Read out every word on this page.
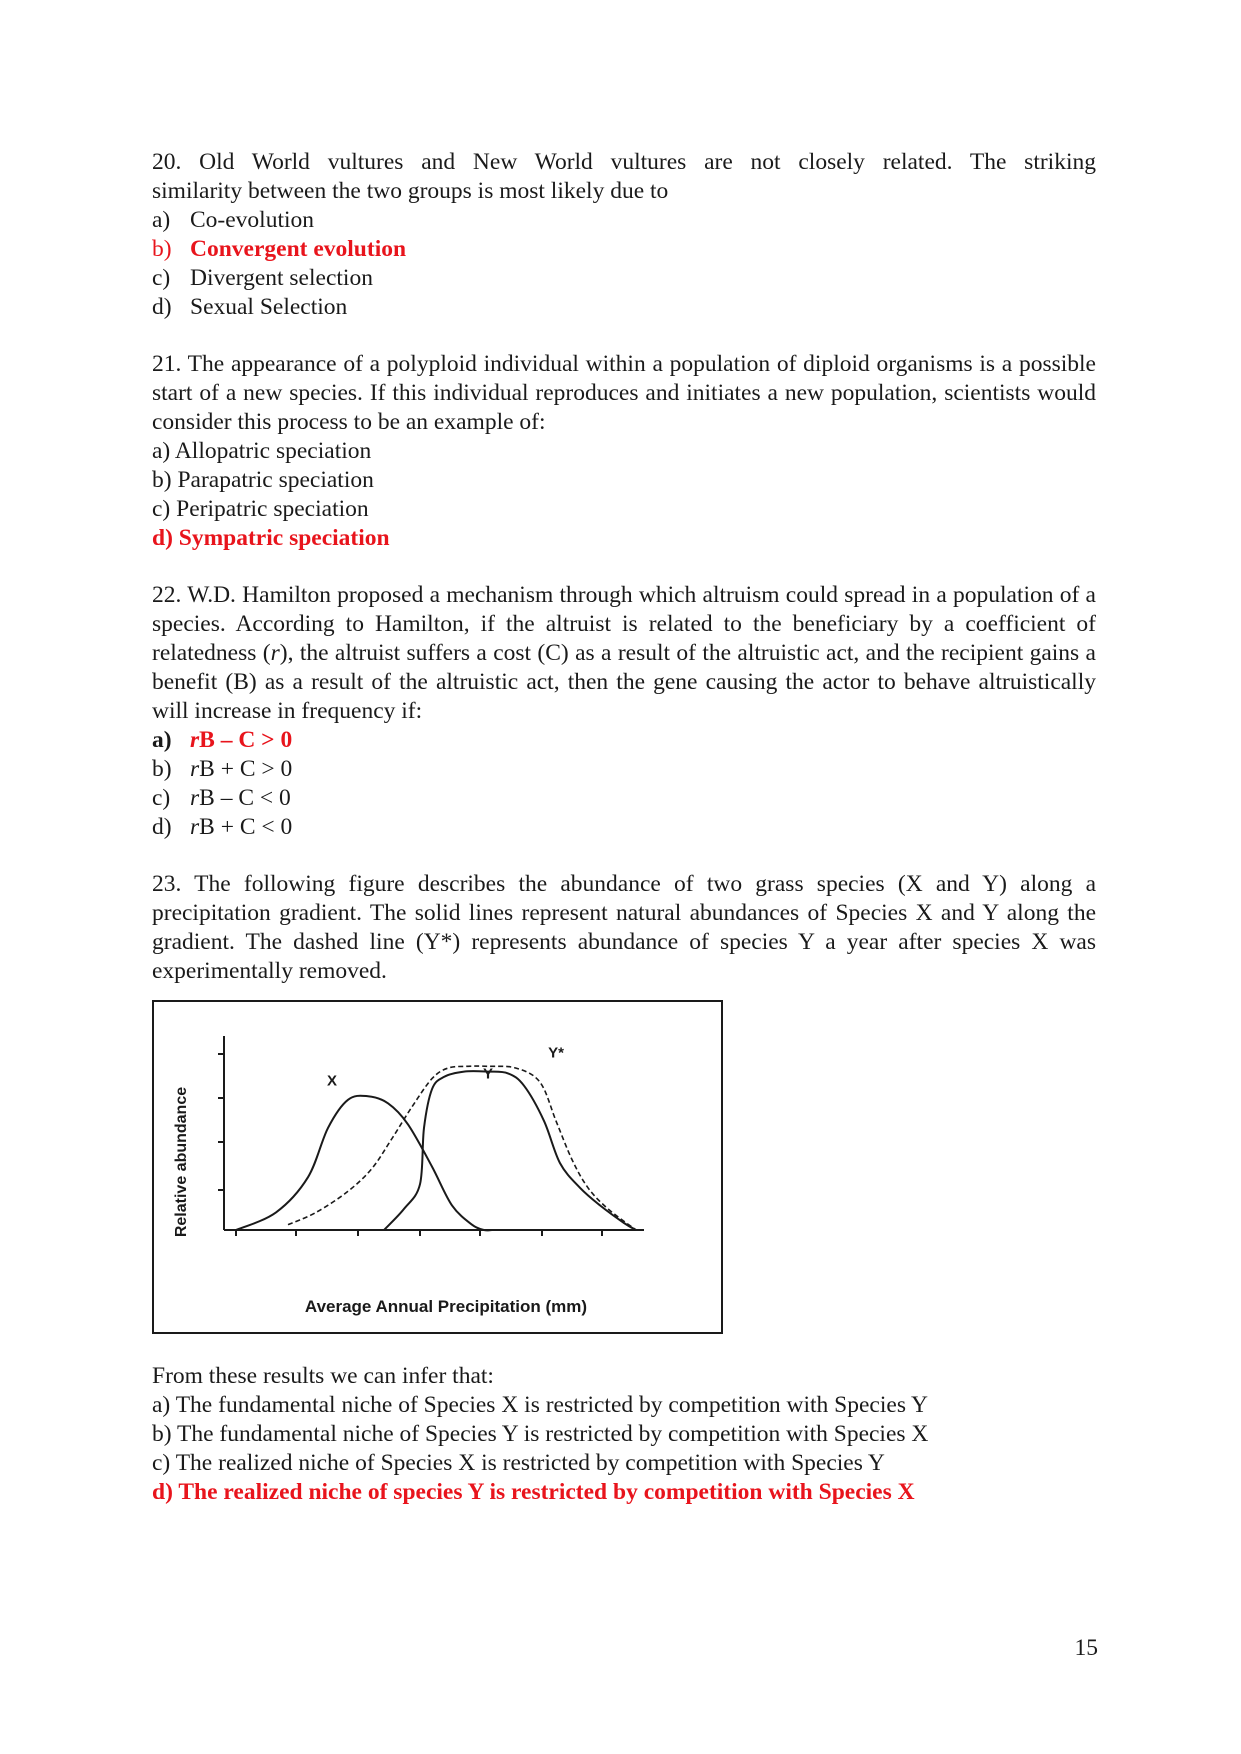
20. Old World vultures and New World vultures are not closely related. The striking
similarity between the two groups is most likely due to
a) Co-evolution
b) Convergent evolution
c) Divergent selection
d) Sexual Selection
21. The appearance of a polyploid individual within a population of diploid organisms is a possible start of a new species. If this individual reproduces and initiates a new population, scientists would consider this process to be an example of:
a) Allopatric speciation
b) Parapatric speciation
c) Peripatric speciation
d) Sympatric speciation
22. W.D. Hamilton proposed a mechanism through which altruism could spread in a population of a species. According to Hamilton, if the altruist is related to the beneficiary by a coefficient of relatedness (r), the altruist suffers a cost (C) as a result of the altruistic act, and the recipient gains a benefit (B) as a result of the altruistic act, then the gene causing the actor to behave altruistically will increase in frequency if:
a) rB – C > 0
b) rB + C > 0
c) rB – C < 0
d) rB + C < 0
23. The following figure describes the abundance of two grass species (X and Y) along a precipitation gradient. The solid lines represent natural abundances of Species X and Y along the gradient. The dashed line (Y*) represents abundance of species Y a year after species X was experimentally removed.
Relative abundance
Average Annual Precipitation (mm)
X	Y
Y*
From these results we can infer that:
a) The fundamental niche of Species X is restricted by competition with Species Y
b) The fundamental niche of Species Y is restricted by competition with Species X
c) The realized niche of Species X is restricted by competition with Species Y
d) The realized niche of species Y is restricted by competition with Species X
15
